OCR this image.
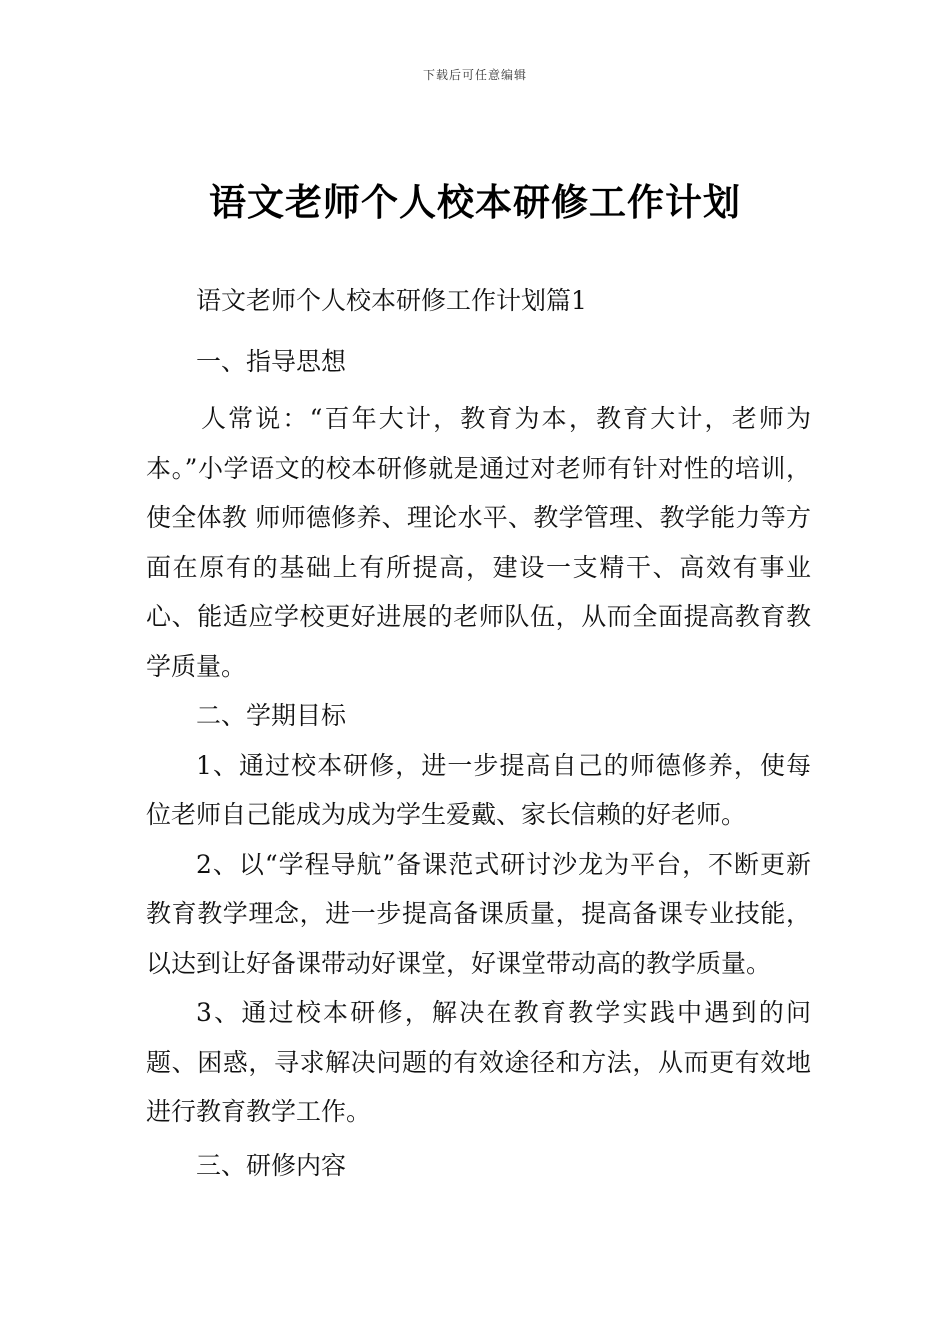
下载后可任意编辑
语文老师个人校本研修工作计划

语文老师个人校本研修工作计划篇1

一、指导思想

人常说：“百年大计，教育为本，教育大计，老师为本。”小学语文的校本研修就是通过对老师有针对性的培训，使全体教 师师德修养、理论水平、教学管理、教学能力等方面在原有的基础上有所提高，建设一支精干、高效有事业心、能适应学校更好进展的老师队伍，从而全面提高教育教学质量。

二、学期目标

1、通过校本研修，进一步提高自己的师德修养，使每位老师自己能成为成为学生爱戴、家长信赖的好老师。

2、以“学程导航”备课范式研讨沙龙为平台，不断更新教育教学理念，进一步提高备课质量，提高备课专业技能，以达到让好备课带动好课堂，好课堂带动高的教学质量。

3、通过校本研修，解决在教育教学实践中遇到的问题、困惑，寻求解决问题的有效途径和方法，从而更有效地进行教育教学工作。

三、研修内容
